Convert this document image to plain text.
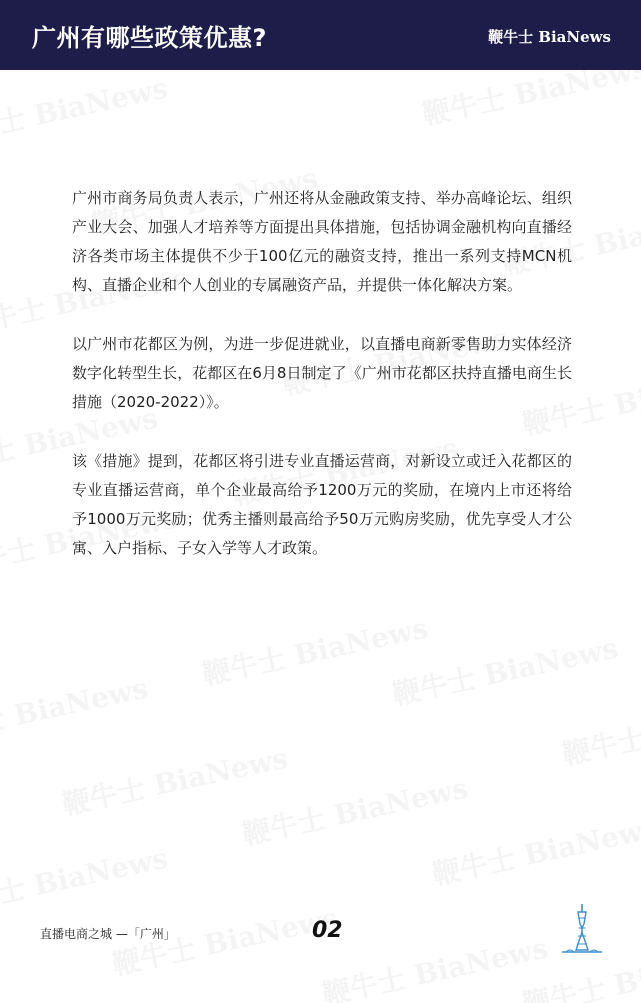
广州有哪些政策优惠?	鞭牛士 BiaNews

广州市商务局负责人表示，广州还将从金融政策支持、举办高峰论坛、组织产业大会、加强人才培养等方面提出具体措施，包括协调金融机构向直播经济各类市场主体提供不少于100亿元的融资支持，推出一系列支持MCN机构、直播企业和个人创业的专属融资产品，并提供一体化解决方案。

以广州市花都区为例，为进一步促进就业，以直播电商新零售助力实体经济数字化转型生长，花都区在6月8日制定了《广州市花都区扶持直播电商生长措施（2020-2022）》。

该《措施》提到，花都区将引进专业直播运营商，对新设立或迁入花都区的专业直播运营商，单个企业最高给予1200万元的奖励，在境内上市还将给予1000万元奖励；优秀主播则最高给予50万元购房奖励，优先享受人才公寓、入户指标、子女入学等人才政策。

直播电商之城 —「广州」	02
